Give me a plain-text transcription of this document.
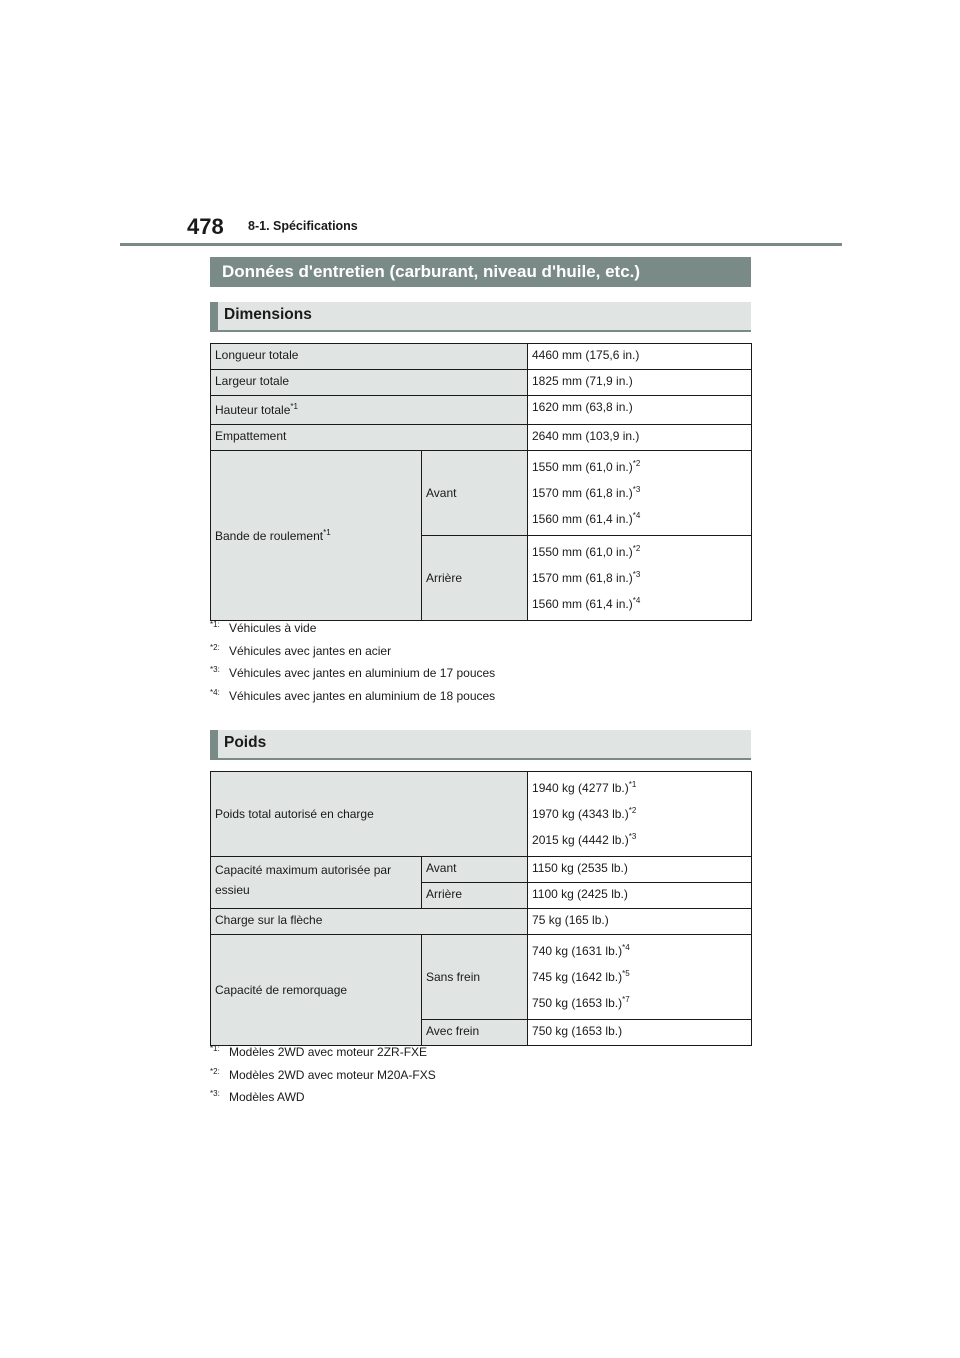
478 8-1. Spécifications
Données d'entretien (carburant, niveau d'huile, etc.)
Dimensions
Longueur totale		4460 mm (175,6 in.)
Largeur totale		1825 mm (71,9 in.)
Hauteur totale$^{*1}$		1620 mm (63,8 in.)
Empattement		2640 mm (103,9 in.)
Bande de roulement$^{*1}$	Avant	1550 mm (61,0 in.)$^{*2}$

1570 mm (61,8 in.)$^{*3}$

1560 mm (61,4 in.)$^{*4}$

	Arrière	1550 mm (61,0 in.)$^{*2}$

1570 mm (61,8 in.)$^{*3}$

1560 mm (61,4 in.)$^{*4}$

$^{*1:}$ Véhicules à vide
$^{*2:}$ Véhicules avec jantes en acier
$^{*3:}$ Véhicules avec jantes en aluminium de 17 pouces
$^{*4:}$ Véhicules avec jantes en aluminium de 18 pouces
Poids
Poids total autorisé en charge		1940 kg (4277 lb.)$^{*1}$

1970 kg (4343 lb.)$^{*2}$

2015 kg (4442 lb.)$^{*3}$

Capacité maximum autorisée par essieu	Avant	1150 kg (2535 lb.)
	Arrière	1100 kg (2425 lb.)
Charge sur la flèche		75 kg (165 lb.)
Capacité de remorquage	Sans frein	740 kg (1631 lb.)$^{*4}$

745 kg (1642 lb.)$^{*5}$

750 kg (1653 lb.)$^{*7}$

	Avec frein	750 kg (1653 lb.)
$^{*1:}$ Modèles 2WD avec moteur 2ZR-FXE
$^{*2:}$ Modèles 2WD avec moteur M20A-FXS
$^{*3:}$ Modèles AWD
